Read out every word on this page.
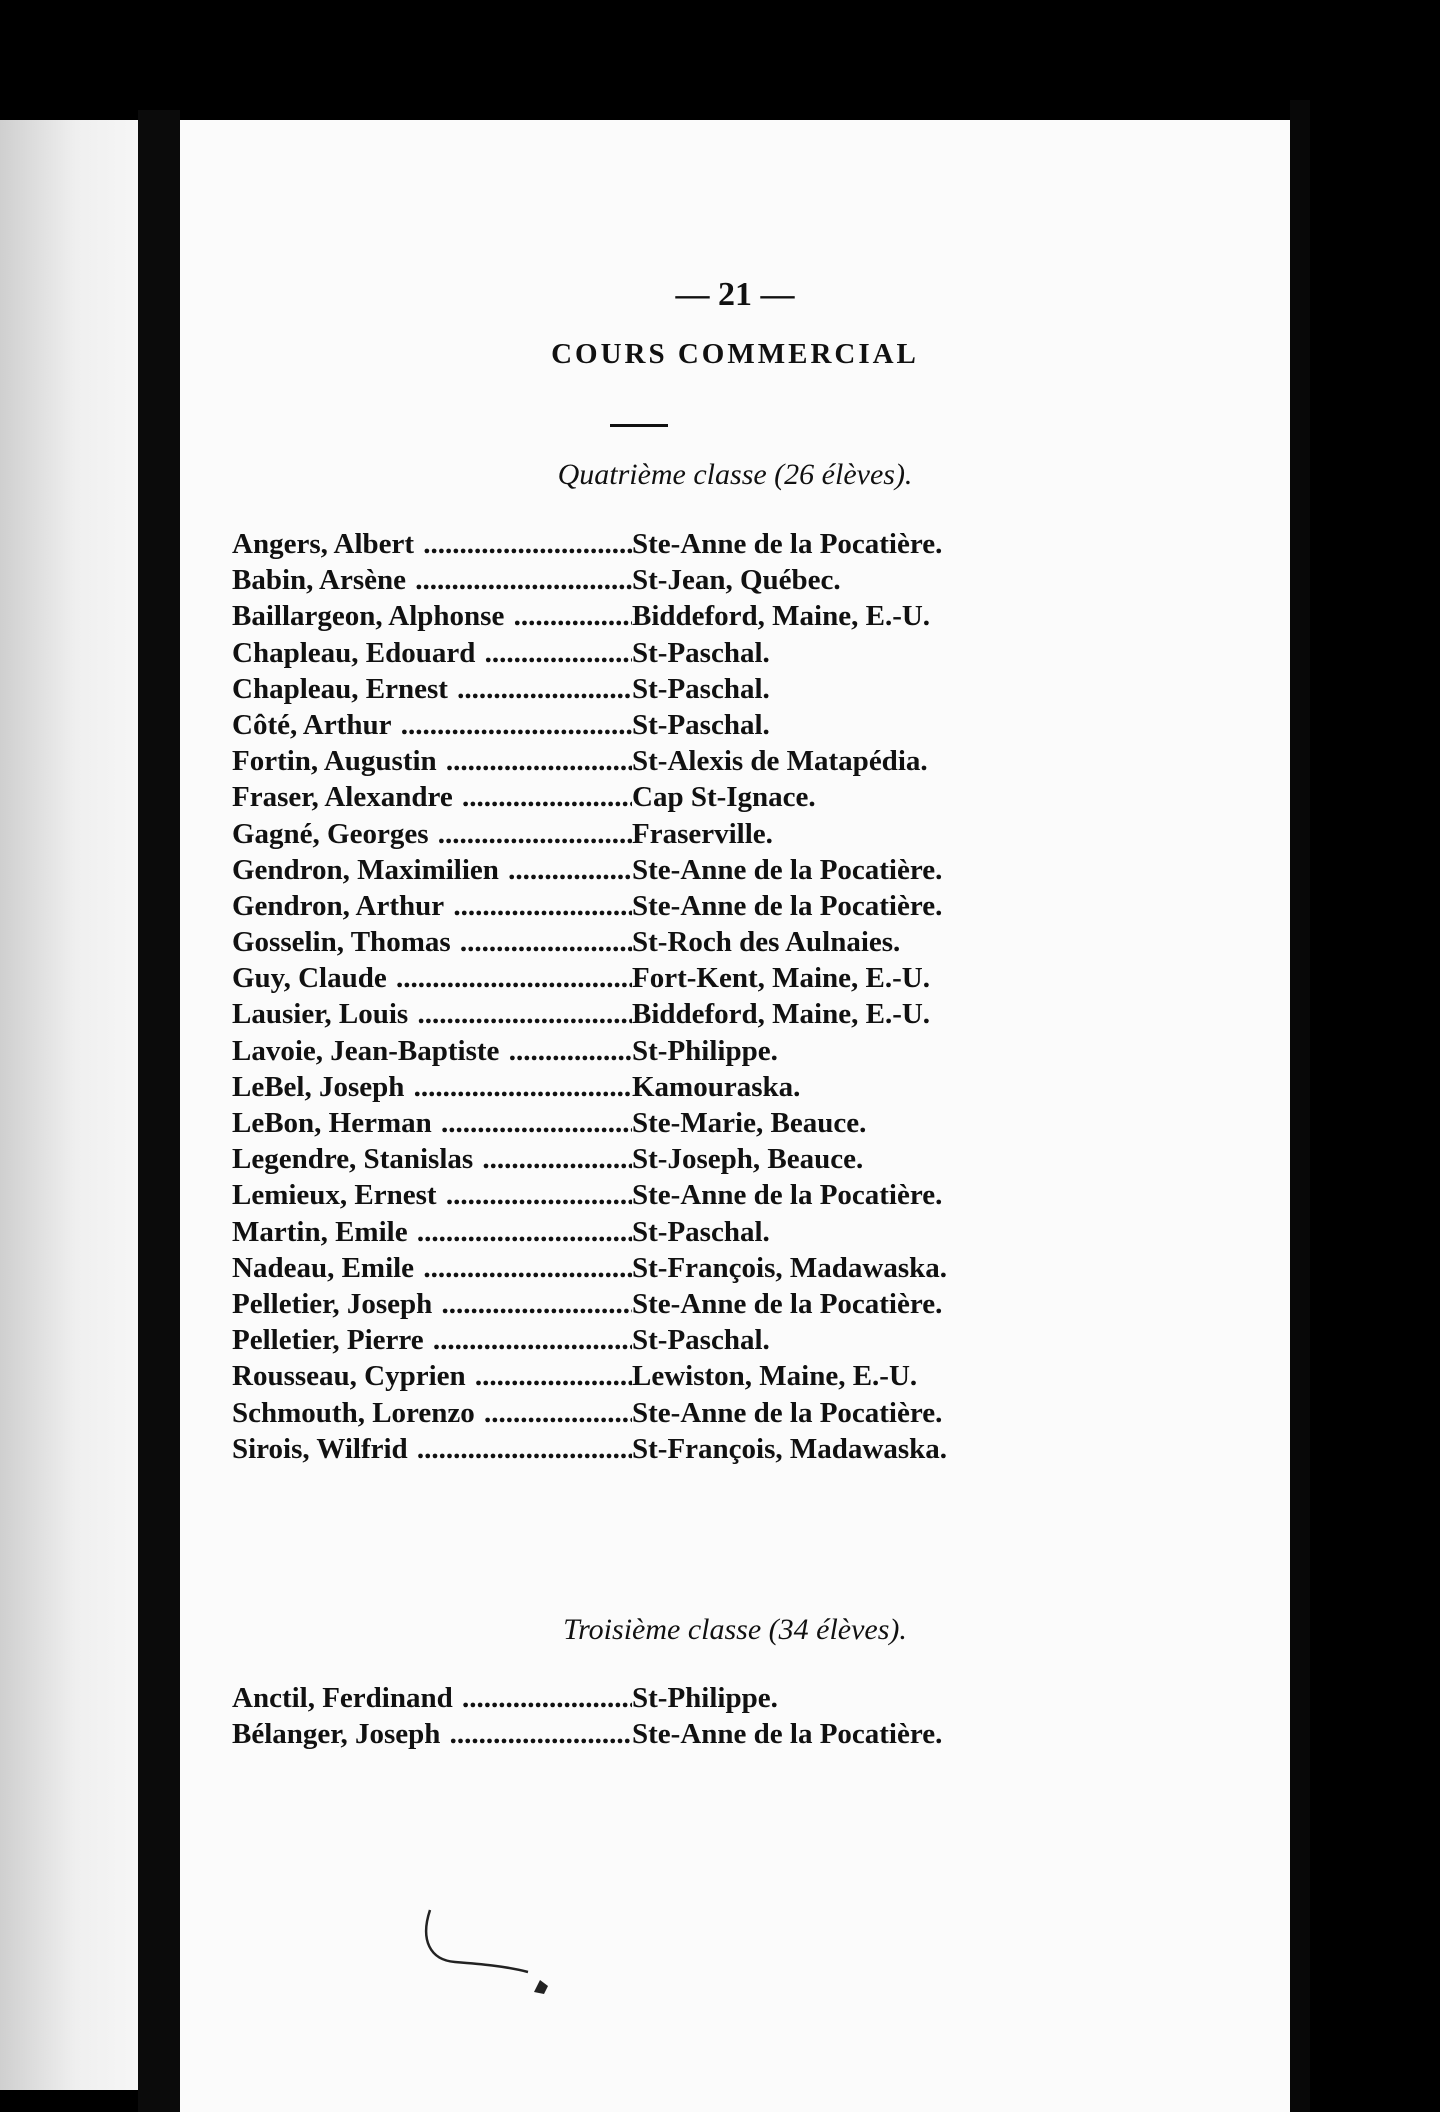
— 21 —
COURS COMMERCIAL
Quatrième classe (26 élèves).
Angers, Albert .....	Ste-Anne de la Pocatière.
Babin, Arsène .....	St-Jean, Québec.
Baillargeon, Alphonse .....	Biddeford, Maine, E.-U.
Chapleau, Edouard .....	St-Paschal.
Chapleau, Ernest .....	St-Paschal.
Côté, Arthur .....	St-Paschal.
Fortin, Augustin .....	St-Alexis de Matapédia.
Fraser, Alexandre .....	Cap St-Ignace.
Gagné, Georges .....	Fraserville.
Gendron, Maximilien .....	Ste-Anne de la Pocatière.
Gendron, Arthur .....	Ste-Anne de la Pocatière.
Gosselin, Thomas .....	St-Roch des Aulnaies.
Guy, Claude .....	Fort-Kent, Maine, E.-U.
Lausier, Louis .....	Biddeford, Maine, E.-U.
Lavoie, Jean-Baptiste .....	St-Philippe.
LeBel, Joseph .....	Kamouraska.
LeBon, Herman .....	Ste-Marie, Beauce.
Legendre, Stanislas .....	St-Joseph, Beauce.
Lemieux, Ernest .....	Ste-Anne de la Pocatière.
Martin, Emile .....	St-Paschal.
Nadeau, Emile .....	St-François, Madawaska.
Pelletier, Joseph .....	Ste-Anne de la Pocatière.
Pelletier, Pierre .....	St-Paschal.
Rousseau, Cyprien .....	Lewiston, Maine, E.-U.
Schmouth, Lorenzo .....	Ste-Anne de la Pocatière.
Sirois, Wilfrid .....	St-François, Madawaska.
Troisième classe (34 élèves).
Anctil, Ferdinand .....	St-Philippe.
Bélanger, Joseph .....	Ste-Anne de la Pocatière.
